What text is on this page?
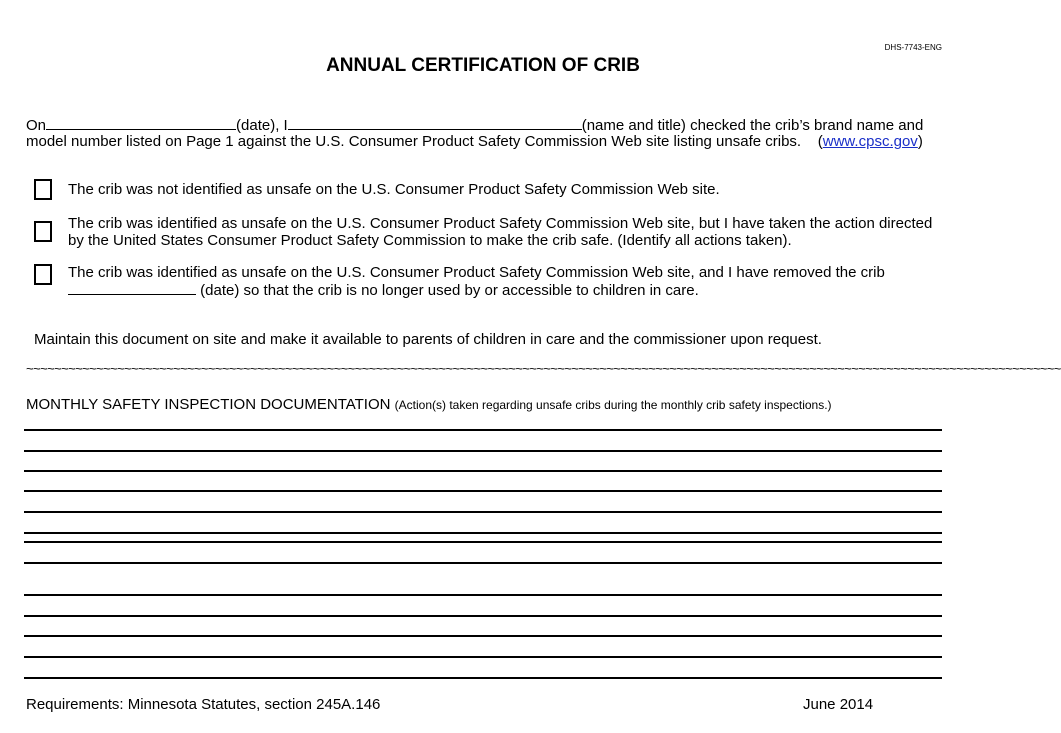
DHS-7743-ENG
ANNUAL CERTIFICATION OF CRIB
On	(date), I	(name and title) checked the crib’s brand name and
model number listed on Page 1 against the U.S. Consumer Product Safety Commission Web site listing unsafe cribs. (www.cpsc.gov)
The crib was not identified as unsafe on the U.S. Consumer Product Safety Commission Web site.
The crib was identified as unsafe on the U.S. Consumer Product Safety Commission Web site, but I have taken the action directed by the United States Consumer Product Safety Commission to make the crib safe. (Identify all actions taken).
The crib was identified as unsafe on the U.S. Consumer Product Safety Commission Web site, and I have removed the crib
(date) so that the crib is no longer used by or accessible to children in care.
Maintain this document on site and make it available to parents of children in care and the commissioner upon request.
~~~~~~~~~~~~~~~~~~~~~~~~~~~~~~~~~~~~~~~~~~~~~~~~~~~~~~~~~~~~~~~~~~~~~~~~~~~~~~~~~~~~~~~~~~~~~~~~~~~~~~~~~~~~~~~~~~~~~~~~~~~~~~~~~~~~~~~~~~~~~~~~~~~~
MONTHLY SAFETY INSPECTION DOCUMENTATION (Action(s) taken regarding unsafe cribs during the monthly crib safety inspections.)
Requirements: Minnesota Statutes, section 245A.146	June 2014
